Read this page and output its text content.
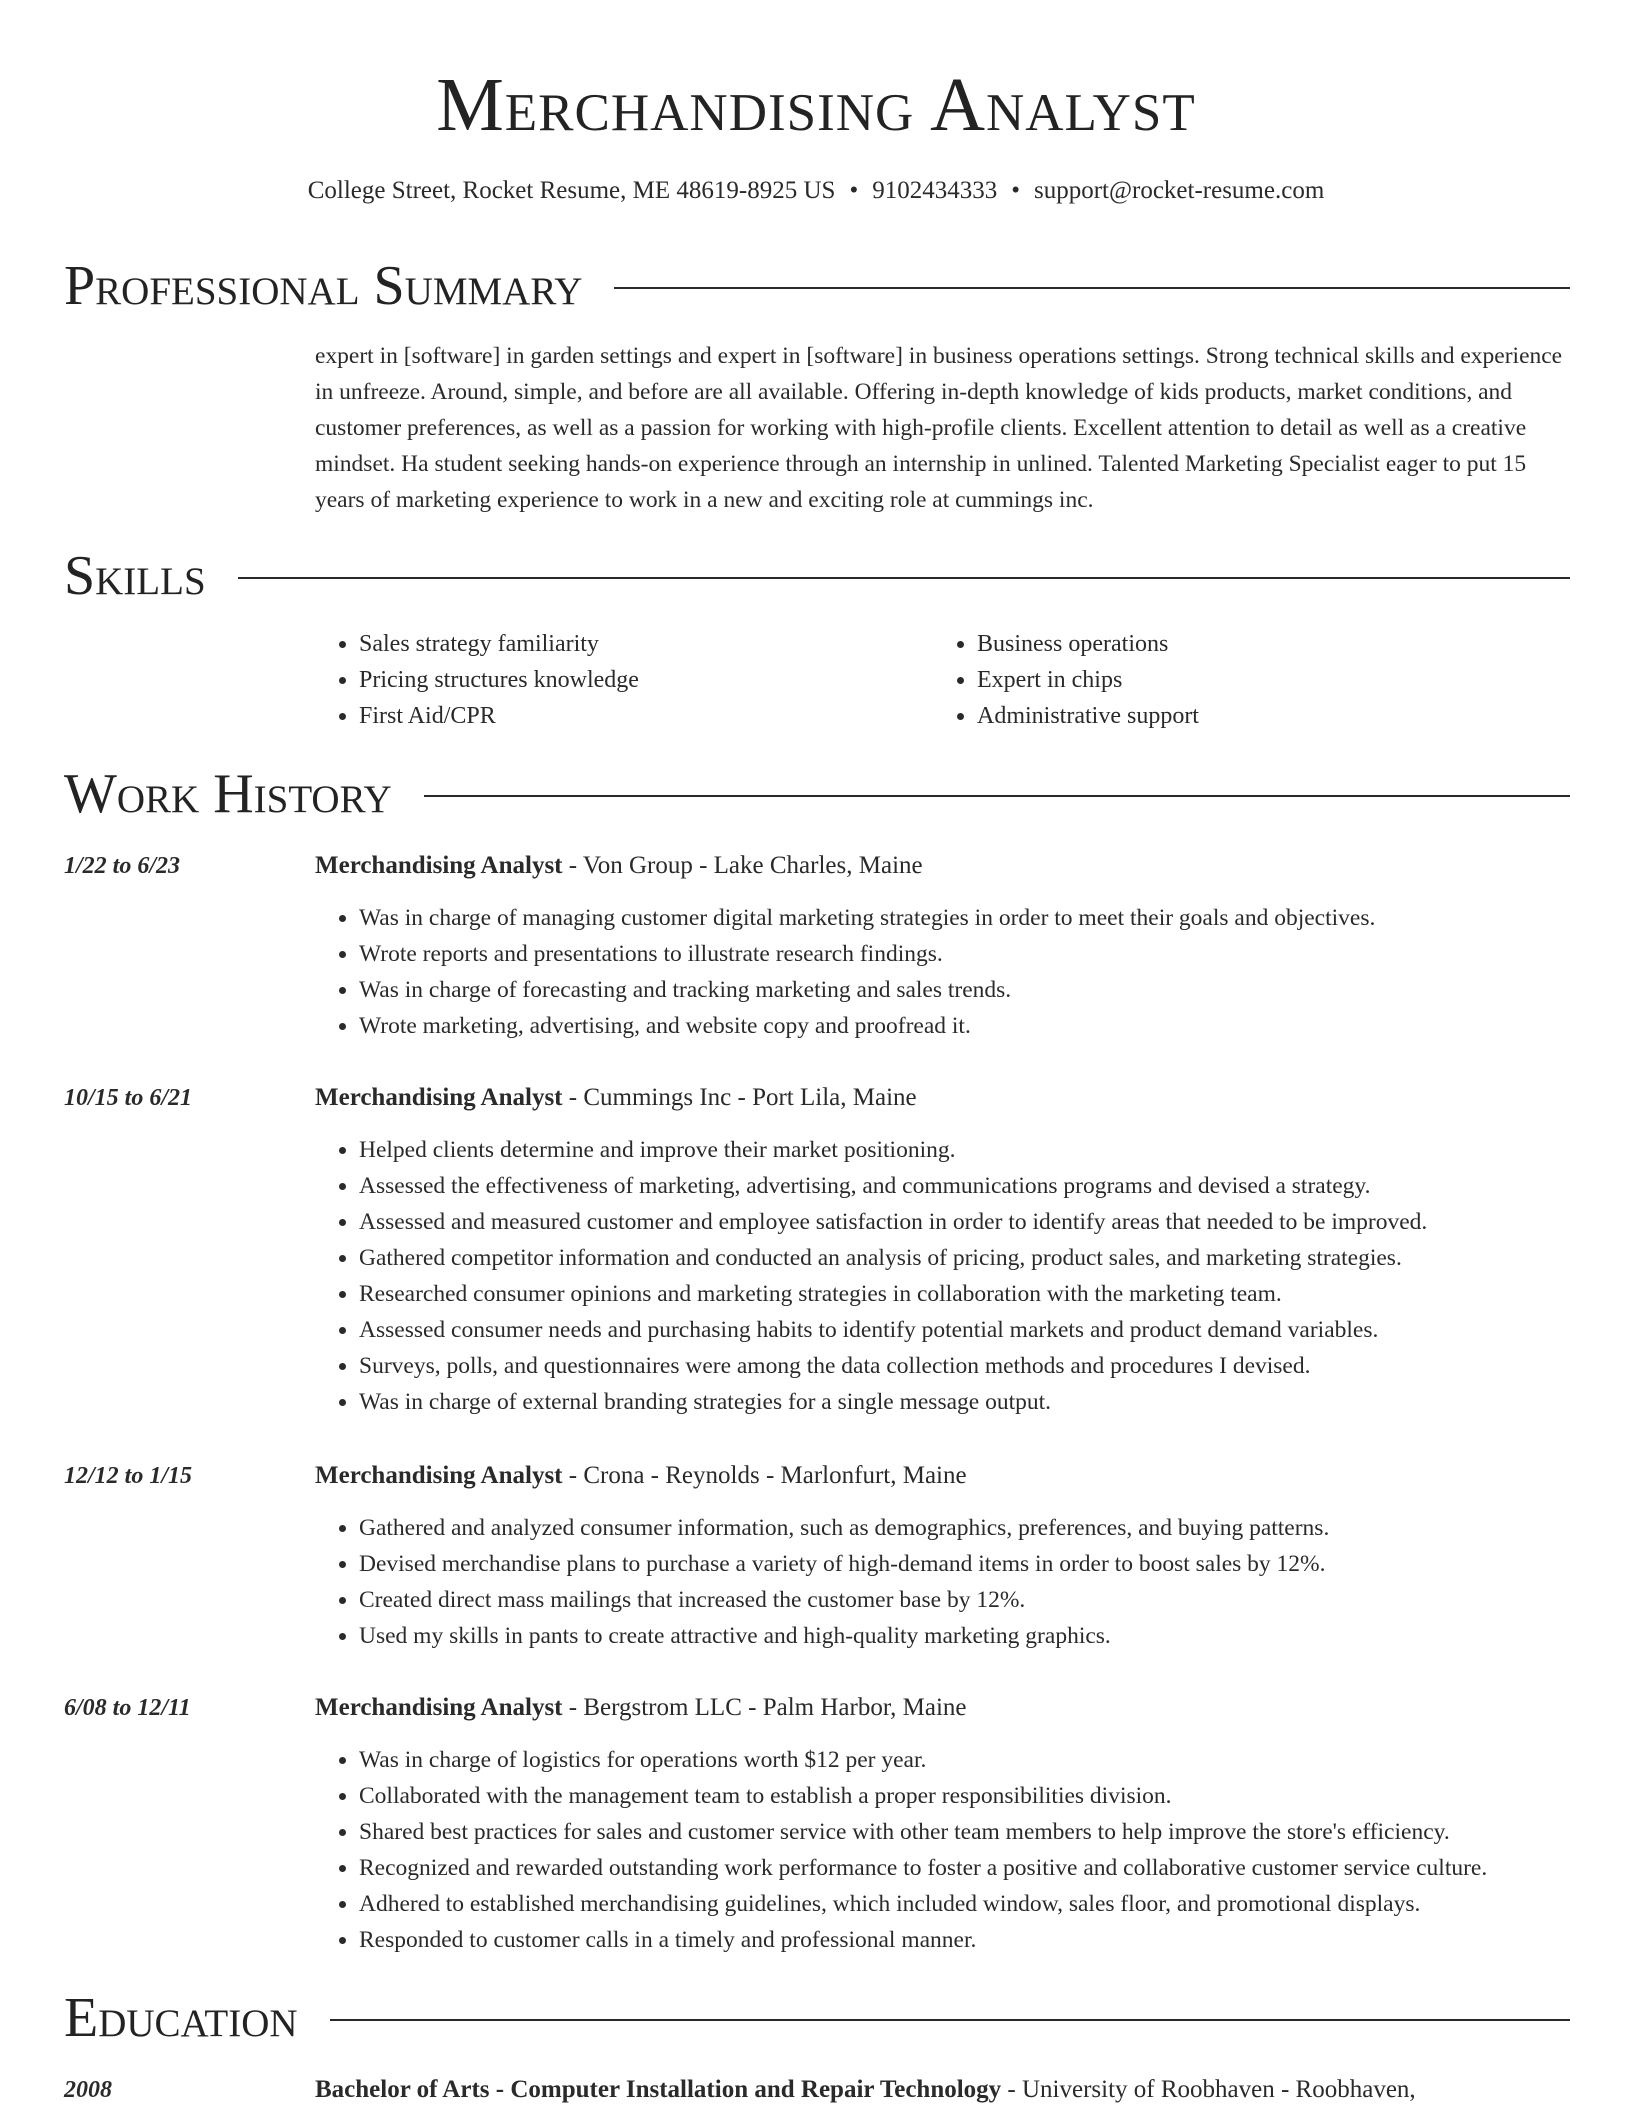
Merchandising Analyst
College Street, Rocket Resume, ME 48619-8925 US • 9102434333 • support@rocket-resume.com
Professional Summary

expert in [software] in garden settings and expert in [software] in business operations settings. Strong technical skills and experience in unfreeze. Around, simple, and before are all available. Offering in-depth knowledge of kids products, market conditions, and customer preferences, as well as a passion for working with high-profile clients. Excellent attention to detail as well as a creative mindset. Ha student seeking hands-on experience through an internship in unlined. Talented Marketing Specialist eager to put 15 years of marketing experience to work in a new and exciting role at cummings inc.

Skills
• Sales strategy familiarity
• Pricing structures knowledge
• First Aid/CPR
• Business operations
• Expert in chips
• Administrative support
Work History
1/22 to 6/23	Merchandising Analyst - Von Group - Lake Charles, Maine
• Was in charge of managing customer digital marketing strategies in order to meet their goals and objectives.
• Wrote reports and presentations to illustrate research findings.
• Was in charge of forecasting and tracking marketing and sales trends.
• Wrote marketing, advertising, and website copy and proofread it.
10/15 to 6/21	Merchandising Analyst - Cummings Inc - Port Lila, Maine
• Helped clients determine and improve their market positioning.
• Assessed the effectiveness of marketing, advertising, and communications programs and devised a strategy.
• Assessed and measured customer and employee satisfaction in order to identify areas that needed to be improved.
• Gathered competitor information and conducted an analysis of pricing, product sales, and marketing strategies.
• Researched consumer opinions and marketing strategies in collaboration with the marketing team.
• Assessed consumer needs and purchasing habits to identify potential markets and product demand variables.
• Surveys, polls, and questionnaires were among the data collection methods and procedures I devised.
• Was in charge of external branding strategies for a single message output.
12/12 to 1/15	Merchandising Analyst - Crona - Reynolds - Marlonfurt, Maine
• Gathered and analyzed consumer information, such as demographics, preferences, and buying patterns.
• Devised merchandise plans to purchase a variety of high-demand items in order to boost sales by 12%.
• Created direct mass mailings that increased the customer base by 12%.
• Used my skills in pants to create attractive and high-quality marketing graphics.
6/08 to 12/11	Merchandising Analyst - Bergstrom LLC - Palm Harbor, Maine
• Was in charge of logistics for operations worth $12 per year.
• Collaborated with the management team to establish a proper responsibilities division.
• Shared best practices for sales and customer service with other team members to help improve the store's efficiency.
• Recognized and rewarded outstanding work performance to foster a positive and collaborative customer service culture.
• Adhered to established merchandising guidelines, which included window, sales floor, and promotional displays.
• Responded to customer calls in a timely and professional manner.
Education
2008	Bachelor of Arts - Computer Installation and Repair Technology - University of Roobhaven - Roobhaven,
